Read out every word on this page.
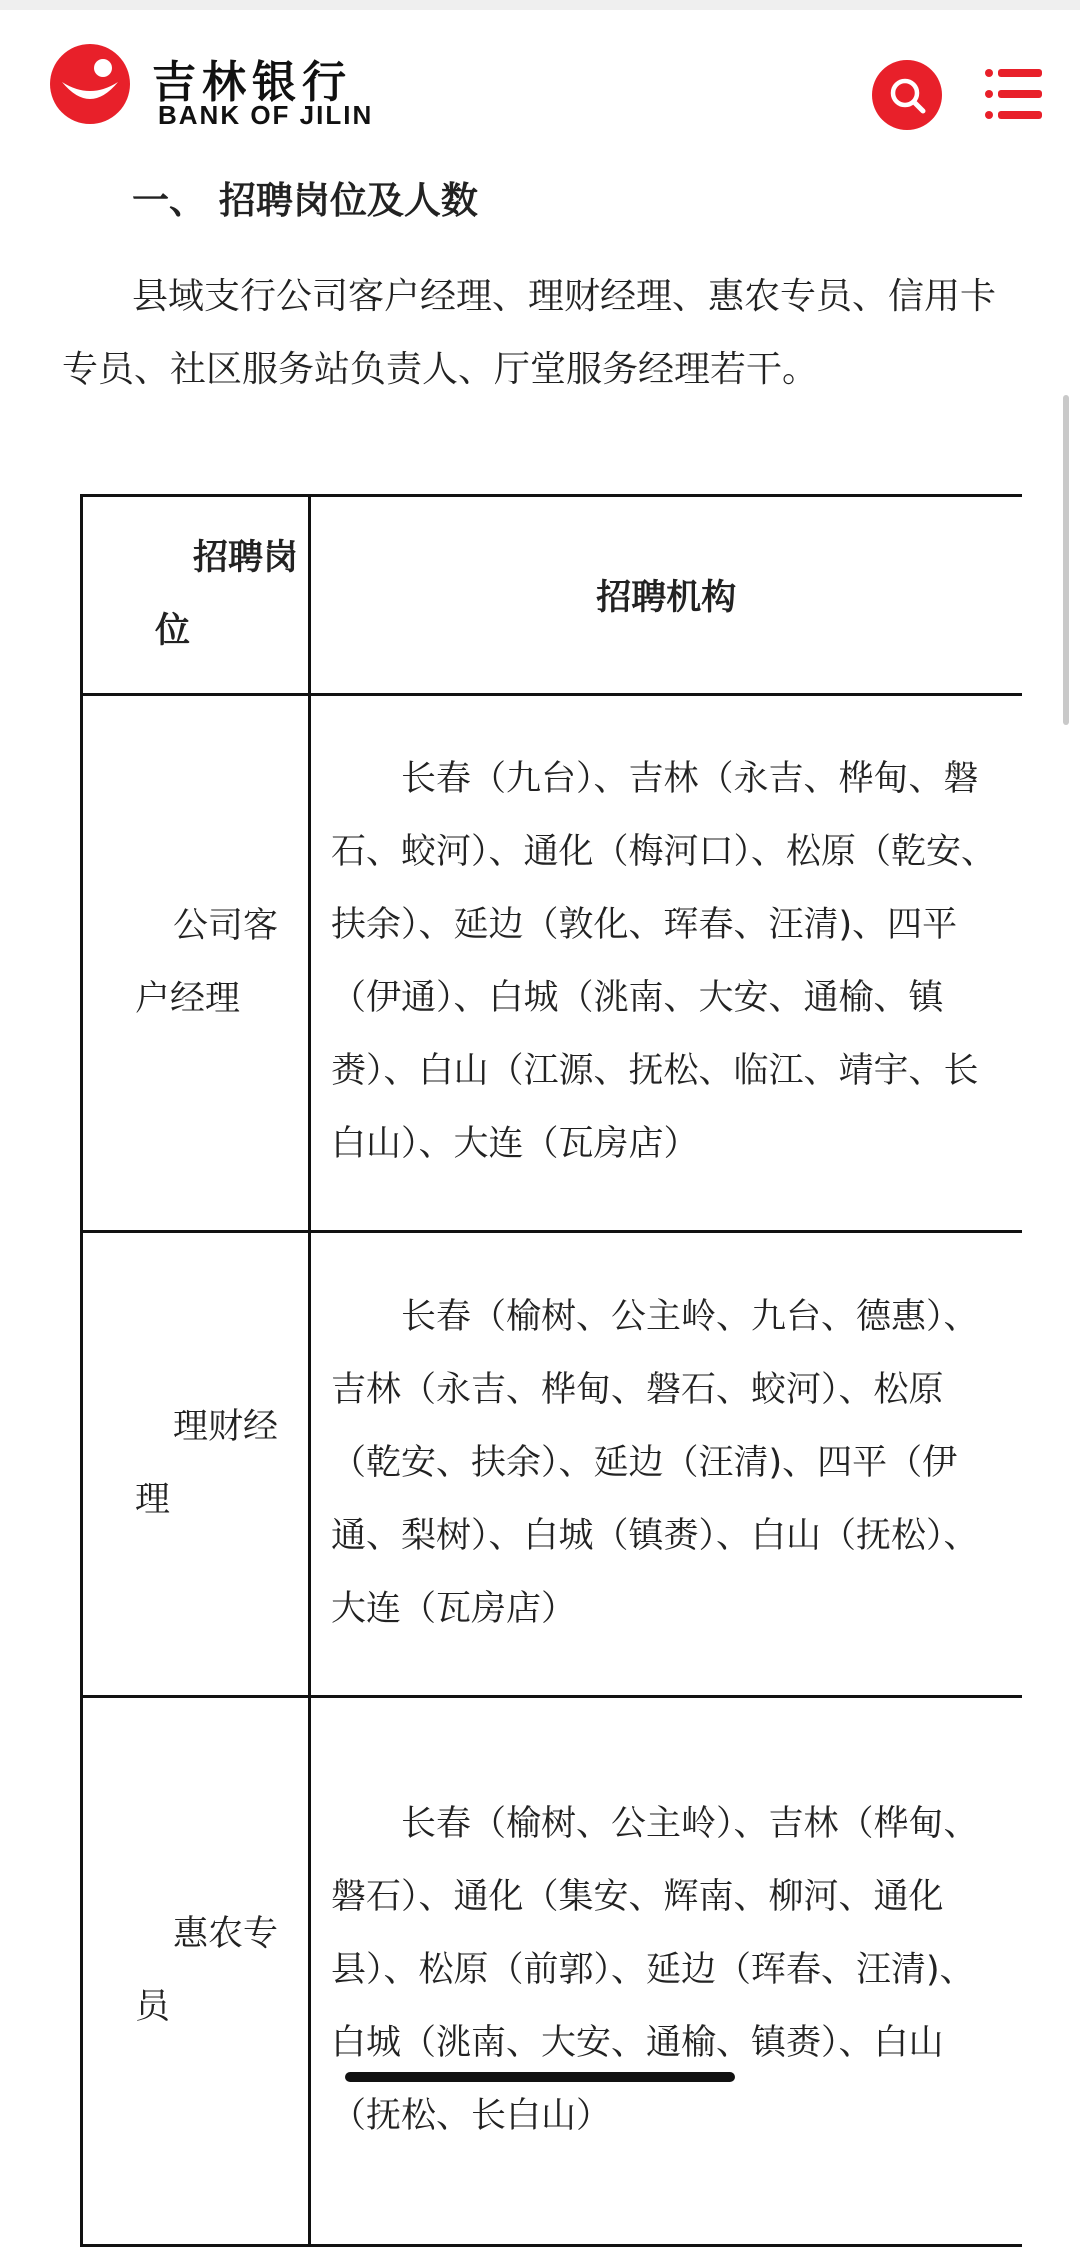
吉林银行
BANK OF JILIN
一、 招聘岗位及人数
县域支行公司客户经理、理财经理、惠农专员、信用卡专员、社区服务站负责人、厅堂服务经理若干。
招聘岗位	招聘机构
公司客户经理	长春（九台）、吉林（永吉、桦甸、磐石、蛟河）、通化（梅河口）、松原（乾安、扶余）、延边（敦化、珲春、汪清)、四平（伊通）、白城（洮南、大安、通榆、镇赉）、白山（江源、抚松、临江、靖宇、长白山）、大连（瓦房店）
理财经理	长春（榆树、公主岭、九台、德惠）、吉林（永吉、桦甸、磐石、蛟河）、松原（乾安、扶余）、延边（汪清)、四平（伊通、梨树）、白城（镇赉）、白山（抚松）、大连（瓦房店）
惠农专员	长春（榆树、公主岭）、吉林（桦甸、磐石）、通化（集安、辉南、柳河、通化县）、松原（前郭）、延边（珲春、汪清)、白城（洮南、大安、通榆、镇赉）、白山（抚松、长白山）
